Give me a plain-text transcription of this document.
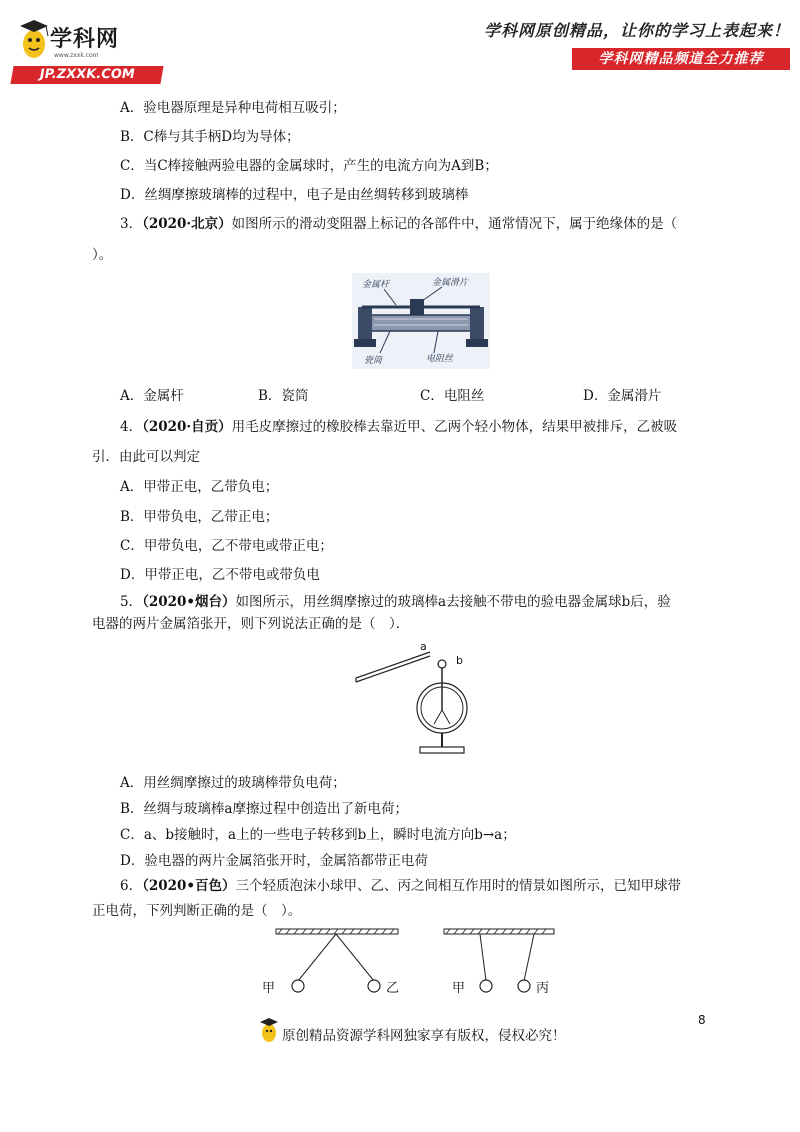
学科网
www.zxxk.com
JP.ZXXK.COM
学科网原创精品，让你的学习上表起来！
学科网精品频道全力推荐
A．验电器原理是异种电荷相互吸引；
B．C棒与其手柄D均为导体；
C．当C棒接触两验电器的金属球时，产生的电流方向为A到B；
D．丝绸摩擦玻璃棒的过程中，电子是由丝绸转移到玻璃棒
3．（2020·北京）如图所示的滑动变阻器上标记的各部件中，通常情况下，属于绝缘体的是（
）。
金属杆	金属滑片
瓷筒	电阻丝
A．金属杆	B．瓷筒	C．电阻丝	D．金属滑片
4．（2020·自贡）用毛皮摩擦过的橡胶棒去靠近甲、乙两个轻小物体，结果甲被排斥，乙被吸
引．由此可以判定
A．甲带正电，乙带负电；
B．甲带负电，乙带正电；
C．甲带负电，乙不带电或带正电；
D．甲带正电，乙不带电或带负电
5．（2020•烟台）如图所示，用丝绸摩擦过的玻璃棒a去接触不带电的验电器金属球b后，验
电器的两片金属箔张开，则下列说法正确的是（　）．
a
b
A．用丝绸摩擦过的玻璃棒带负电荷；
B．丝绸与玻璃棒a摩擦过程中创造出了新电荷；
C．a、b接触时，a上的一些电子转移到b上，瞬时电流方向b→a；
D．验电器的两片金属箔张开时，金属箔都带正电荷
6．（2020•百色）三个轻质泡沫小球甲、乙、丙之间相互作用时的情景如图所示，已知甲球带
正电荷，下列判断正确的是（　）。
甲	乙	甲	丙
8
原创精品资源学科网独家享有版权，侵权必究！
